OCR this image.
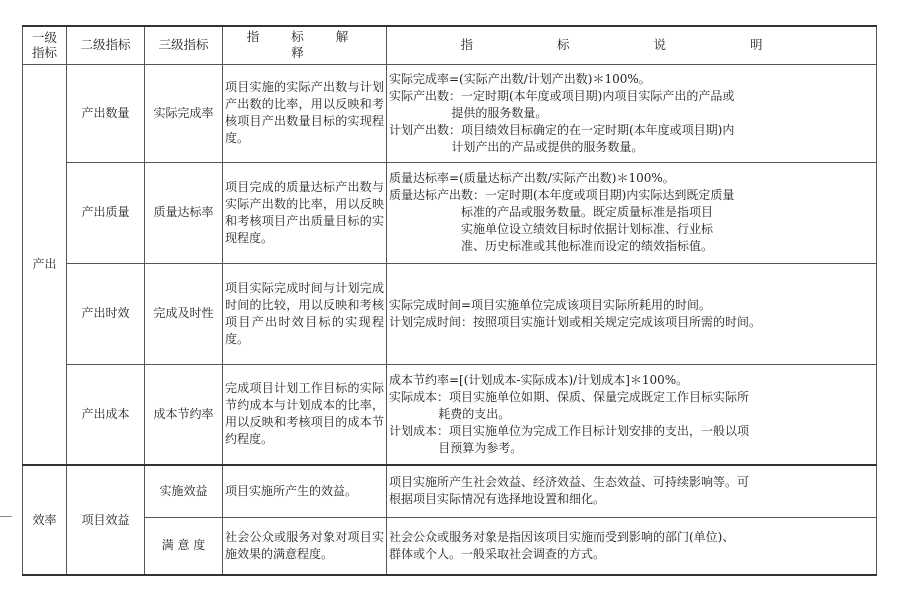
一级
指标	二级指标	三级指标	指 标 解 释	指 标 说 明
产出	产出数量	实际完成率	项目实施的实际产出数与计划产出数的比率，用以反映和考核项目产出数量目标的实现程度。	实际完成率=(实际产出数/计划产出数)＊100%。
实际产出数：一定时期(本年度或项目期)内项目实际产出的产品或
提供的服务数量。
计划产出数：项目绩效目标确定的在一定时期(本年度或项目期)内
计划产出的产品或提供的服务数量。

	产出质量	质量达标率	项目完成的质量达标产出数与实际产出数的比率，用以反映和考核项目产出质量目标的实现程度。	质量达标率=(质量达标产出数/实际产出数)＊100%。
质量达标产出数：一定时期(本年度或项目期)内实际达到既定质量
标准的产品或服务数量。既定质量标准是指项目
实施单位设立绩效目标时依据计划标准、行业标
准、历史标准或其他标准而设定的绩效指标值。

	产出时效	完成及时性	项目实际完成时间与计划完成时间的比较，用以反映和考核项目产出时效目标的实现程度。	实际完成时间=项目实施单位完成该项目实际所耗用的时间。
计划完成时间：按照项目实施计划或相关规定完成该项目所需的时间。

	产出成本	成本节约率	完成项目计划工作目标的实际节约成本与计划成本的比率，用以反映和考核项目的成本节约程度。	成本节约率=[(计划成本-实际成本)/计划成本]＊100%。
实际成本：项目实施单位如期、保质、保量完成既定工作目标实际所
耗费的支出。
计划成本：项目实施单位为完成工作目标计划安排的支出，一般以项
目预算为参考。

效率	项目效益	实施效益	项目实施所产生的效益。	项目实施所产生社会效益、经济效益、生态效益、可持续影响等。可
根据项目实际情况有选择地设置和细化。

		满 意 度	社会公众或服务对象对项目实施效果的满意程度。	社会公众或服务对象是指因该项目实施而受到影响的部门(单位)、
群体或个人。一般采取社会调查的方式。
